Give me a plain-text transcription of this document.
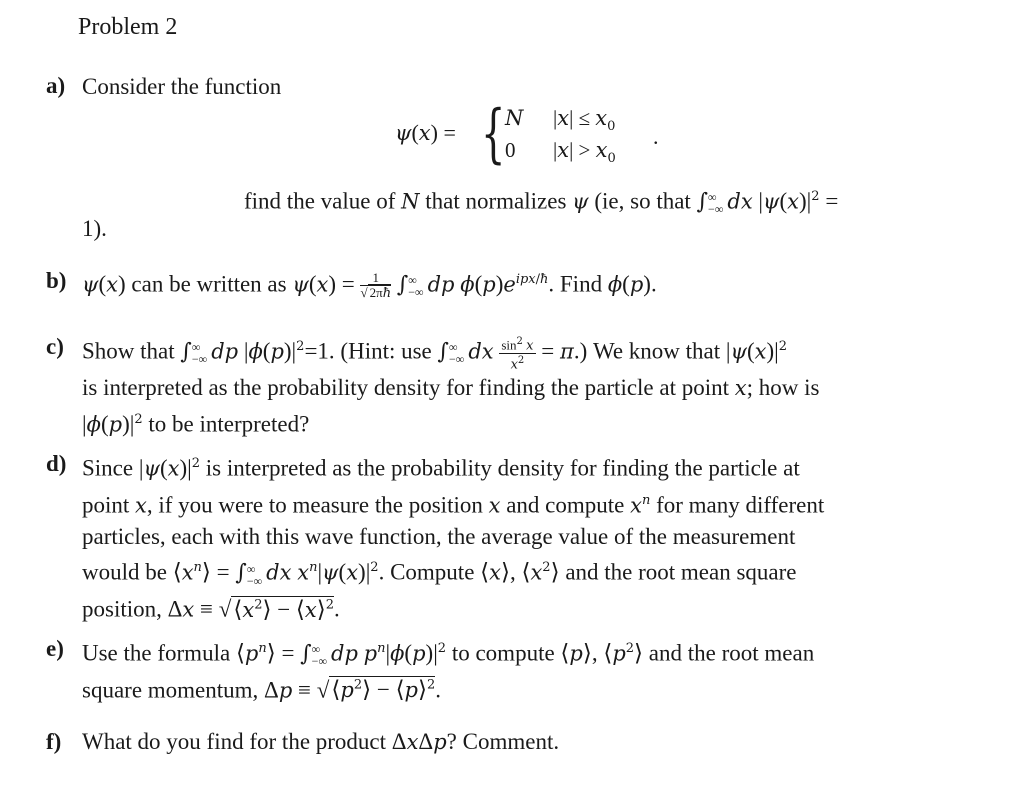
Problem 2
a) Consider the function
ψ(x) = { N
0
$|x| \le x_0$
$|x| > x_0$
.
find the value of N that normalizes ψ (ie, so that ∫ ∞
−∞ dx $|\psi(x)|^2$ =
1).
b) ψ(x) can be written as $\psi(x) = \frac{1}{√ 2\pi ħ}$ ∫ ∞
−∞ dp $\phi(p)e^{ipx/ħ}$. Find ϕ(p).
c) Show that ∫ ∞
−∞ dp $|\phi(p)|^2=1$. (Hint: use ∫ ∞
−∞ dx $\frac{\sin^2 x}{x^2} = \pi$.) We know that $|\psi(x)|^2$
is interpreted as the probability density for finding the particle at point x; how is
$|\phi(p)|^2$ to be interpreted?
d) Since $|\psi(x)|^2$ is interpreted as the probability density for finding the particle at
point x, if you were to measure the position x and compute $x^n$ for many different
particles, each with this wave function, the average value of the measurement
would be $⟨x^n⟩$ = ∫ ∞
−∞ dx $x^n|\psi(x)|^2$. Compute ⟨x⟩, $⟨x^2⟩$ and the root mean square
position, $\Delta x \equiv √⟨x^2⟩$ − ⟨x⟩$^2$.
e) Use the formula $⟨p^n⟩$ = ∫ ∞
−∞ dp $p^n|\phi(p)|^2$ to compute ⟨p⟩, $⟨p^2⟩$ and the root mean
square momentum, $\Delta p \equiv √⟨p^2⟩$ − ⟨p⟩$^2$.
f) What do you find for the product ΔxΔp? Comment.
